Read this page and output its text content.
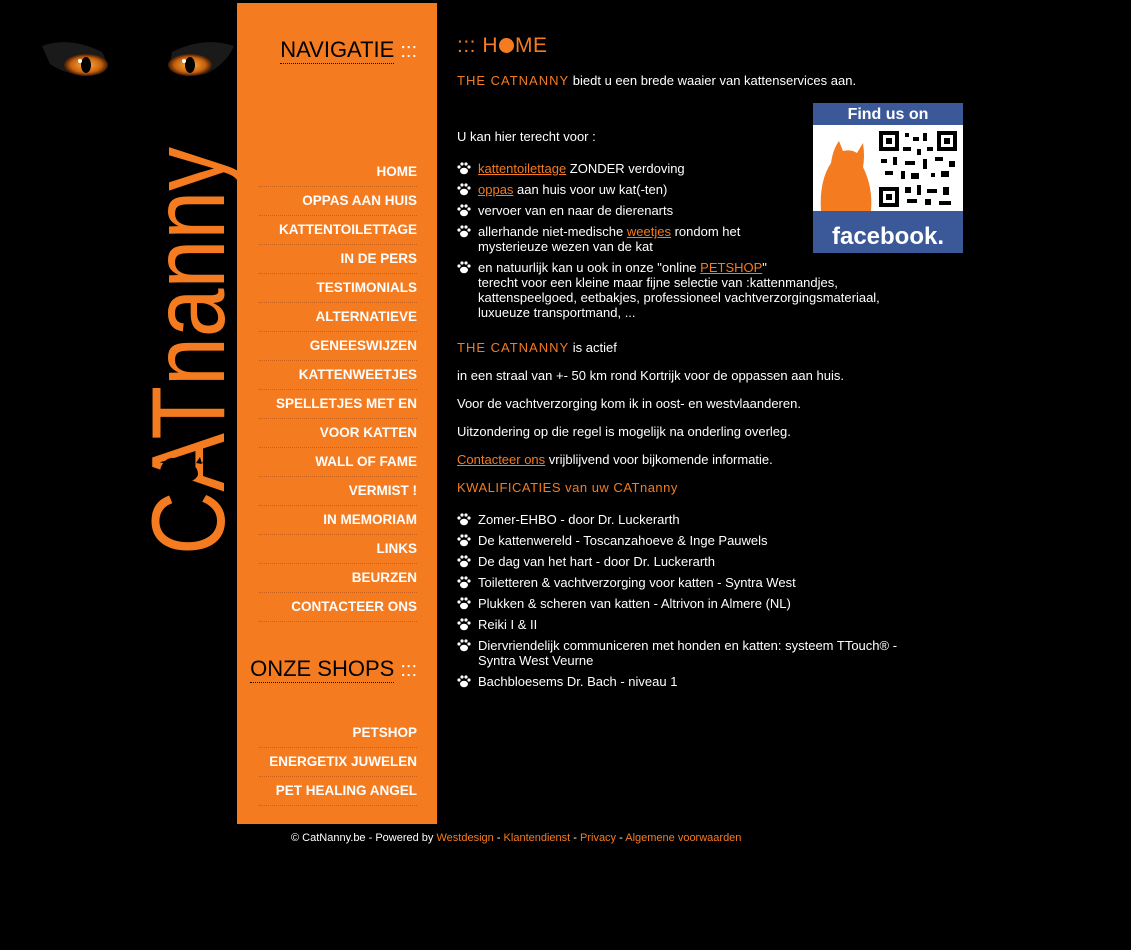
CATnanny
NAVIGATIE :::
HOME
OPPAS AAN HUIS
KATTENTOILETTAGE
IN DE PERS
TESTIMONIALS
ALTERNATIEVE
GENEESWIJZEN
KATTENWEETJES
SPELLETJES MET EN
VOOR KATTEN
WALL OF FAME
VERMIST !
IN MEMORIAM
LINKS
BEURZEN
CONTACTEER ONS
ONZE SHOPS :::
PETSHOP
ENERGETIX JUWELEN
PET HEALING ANGEL
::: H ME
THE CATNANNY biedt u een brede waaier van kattenservices aan.
U kan hier terecht voor :
kattentoilettage ZONDER verdoving
oppas aan huis voor uw kat(-ten)
vervoer van en naar de dierenarts
allerhande niet-medische weetjes rondom het
mysterieuze wezen van de kat
en natuurlijk kan u ook in onze "online PETSHOP"
terecht voor een kleine maar fijne selectie van :kattenmandjes,
kattenspeelgoed, eetbakjes, professioneel vachtverzorgingsmateriaal,
luxueuze transportmand, ...
THE CATNANNY is actief
in een straal van +- 50 km rond Kortrijk voor de oppassen aan huis.
Voor de vachtverzorging kom ik in oost- en westvlaanderen.
Uitzondering op die regel is mogelijk na onderling overleg.
Contacteer ons vrijblijvend voor bijkomende informatie.
KWALIFICATIES van uw CATnanny
Zomer-EHBO - door Dr. Luckerarth
De kattenwereld - Toscanzahoeve & Inge Pauwels
De dag van het hart - door Dr. Luckerarth
Toiletteren & vachtverzorging voor katten - Syntra West
Plukken & scheren van katten - Altrivon in Almere (NL)
Reiki I & II
Diervriendelijk communiceren met honden en katten: systeem TTouch® -
Syntra West Veurne
Bachbloesems Dr. Bach - niveau 1
Find us on
facebook.
© CatNanny.be - Powered by Westdesign - Klantendienst - Privacy - Algemene voorwaarden
